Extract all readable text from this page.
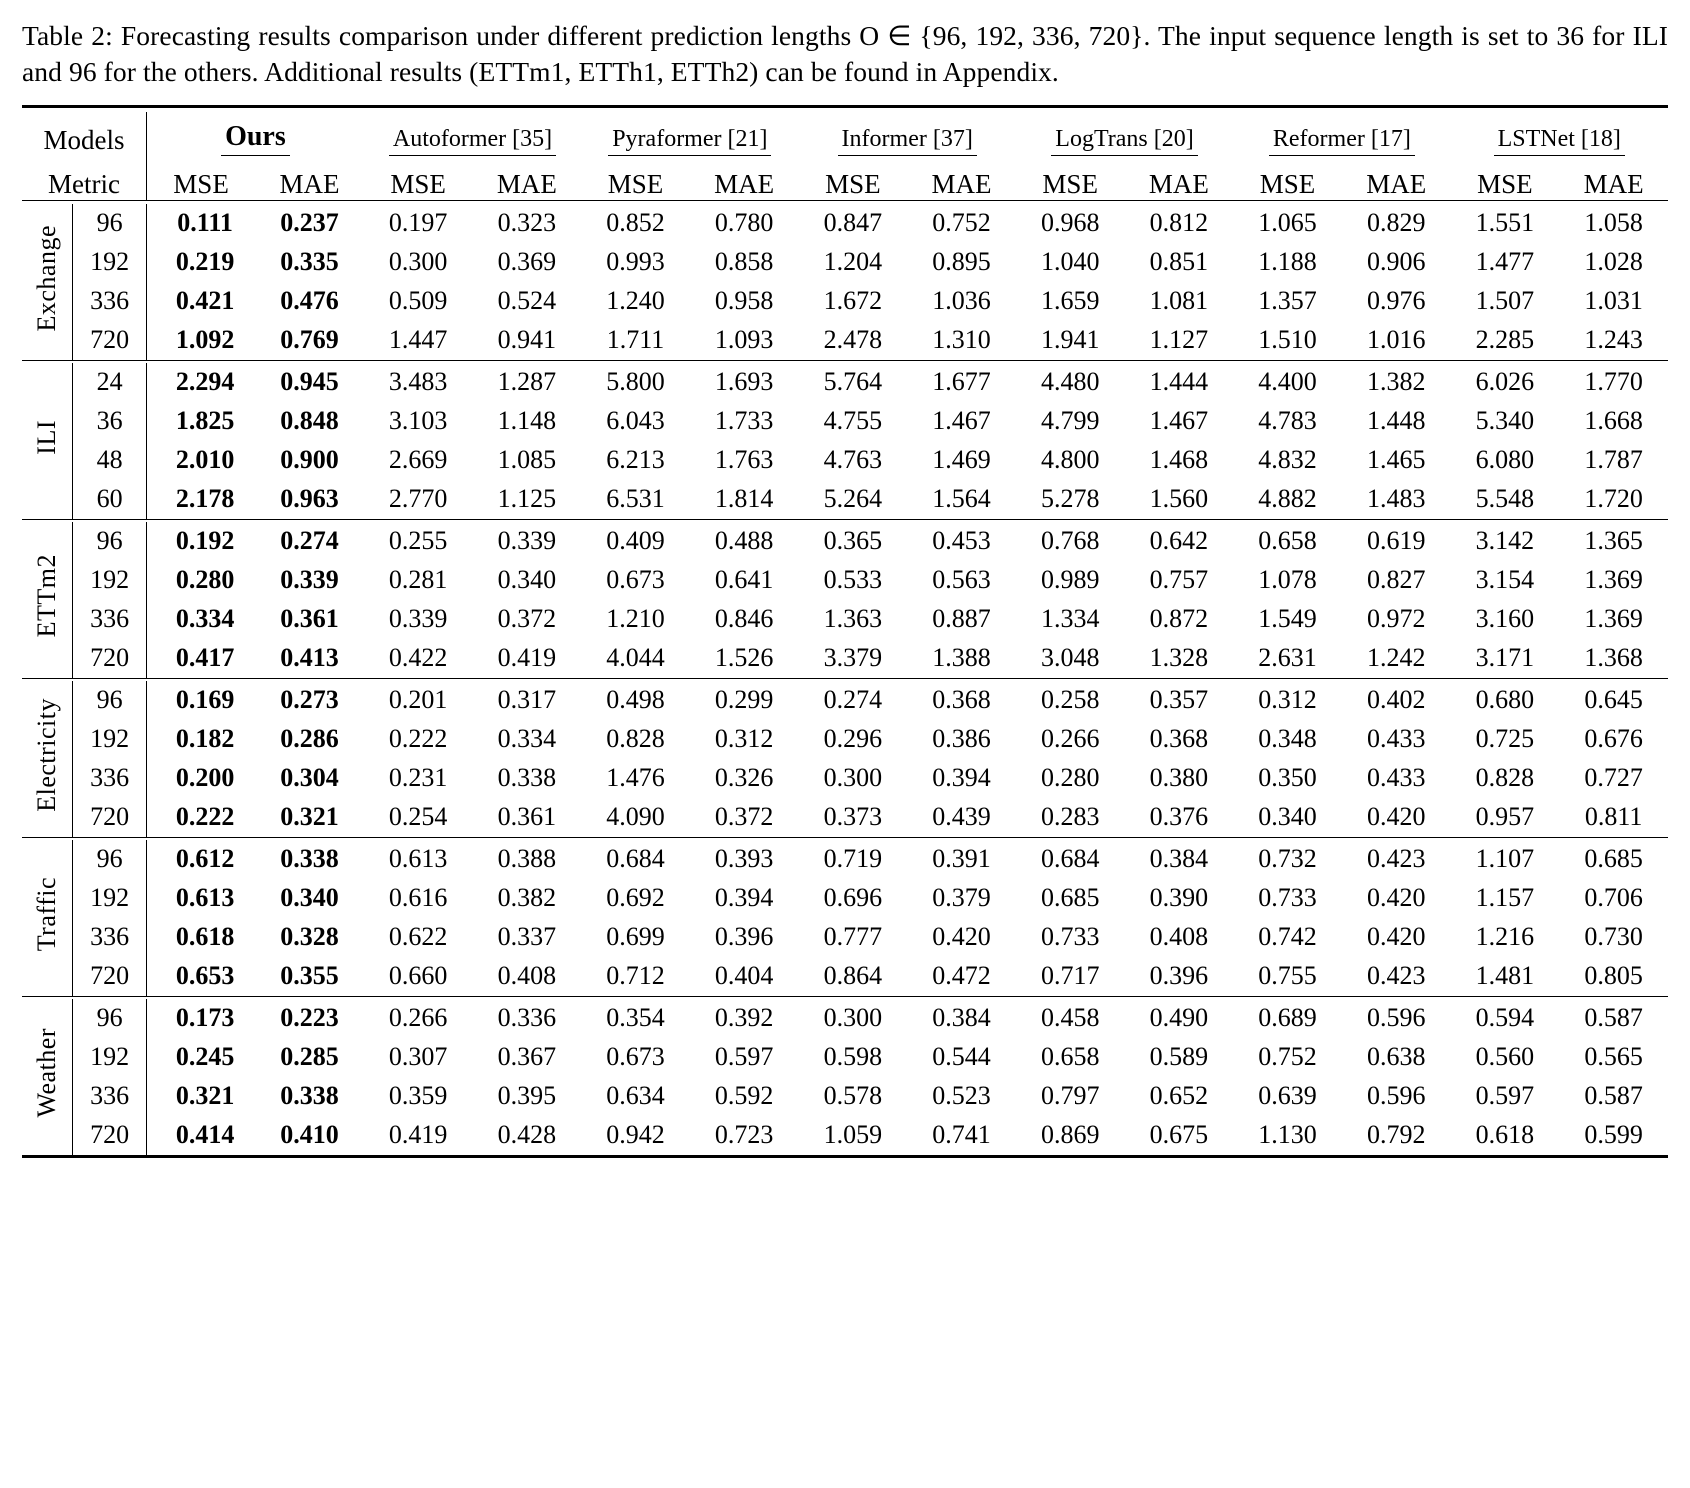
Table 2: Forecasting results comparison under different prediction lengths O ∈ {96, 192, 336, 720}. The input sequence length is set to 36 for ILI and 96 for the others. Additional results (ETTm1, ETTh1, ETTh2) can be found in Appendix.

Models		Ours		Autoformer [35]		Pyraformer [21]		Informer [37]		LogTrans [20]		Reformer [17]		LSTNet [18]	
Metric		MSE	MAE	MSE	MAE	MSE	MAE	MSE	MAE	MSE	MAE	MSE	MAE	MSE	MAE

Exchange	96	0.111	0.237	0.197	0.323	0.852	0.780	0.847	0.752	0.968	0.812	1.065	0.829	1.551	1.058
	192	0.219	0.335	0.300	0.369	0.993	0.858	1.204	0.895	1.040	0.851	1.188	0.906	1.477	1.028
	336	0.421	0.476	0.509	0.524	1.240	0.958	1.672	1.036	1.659	1.081	1.357	0.976	1.507	1.031
	720	1.092	0.769	1.447	0.941	1.711	1.093	2.478	1.310	1.941	1.127	1.510	1.016	2.285	1.243

ILI	24	2.294	0.945	3.483	1.287	5.800	1.693	5.764	1.677	4.480	1.444	4.400	1.382	6.026	1.770
	36	1.825	0.848	3.103	1.148	6.043	1.733	4.755	1.467	4.799	1.467	4.783	1.448	5.340	1.668
	48	2.010	0.900	2.669	1.085	6.213	1.763	4.763	1.469	4.800	1.468	4.832	1.465	6.080	1.787
	60	2.178	0.963	2.770	1.125	6.531	1.814	5.264	1.564	5.278	1.560	4.882	1.483	5.548	1.720

ETTm2	96	0.192	0.274	0.255	0.339	0.409	0.488	0.365	0.453	0.768	0.642	0.658	0.619	3.142	1.365
	192	0.280	0.339	0.281	0.340	0.673	0.641	0.533	0.563	0.989	0.757	1.078	0.827	3.154	1.369
	336	0.334	0.361	0.339	0.372	1.210	0.846	1.363	0.887	1.334	0.872	1.549	0.972	3.160	1.369
	720	0.417	0.413	0.422	0.419	4.044	1.526	3.379	1.388	3.048	1.328	2.631	1.242	3.171	1.368

Electricity	96	0.169	0.273	0.201	0.317	0.498	0.299	0.274	0.368	0.258	0.357	0.312	0.402	0.680	0.645
	192	0.182	0.286	0.222	0.334	0.828	0.312	0.296	0.386	0.266	0.368	0.348	0.433	0.725	0.676
	336	0.200	0.304	0.231	0.338	1.476	0.326	0.300	0.394	0.280	0.380	0.350	0.433	0.828	0.727
	720	0.222	0.321	0.254	0.361	4.090	0.372	0.373	0.439	0.283	0.376	0.340	0.420	0.957	0.811

Traffic	96	0.612	0.338	0.613	0.388	0.684	0.393	0.719	0.391	0.684	0.384	0.732	0.423	1.107	0.685
	192	0.613	0.340	0.616	0.382	0.692	0.394	0.696	0.379	0.685	0.390	0.733	0.420	1.157	0.706
	336	0.618	0.328	0.622	0.337	0.699	0.396	0.777	0.420	0.733	0.408	0.742	0.420	1.216	0.730
	720	0.653	0.355	0.660	0.408	0.712	0.404	0.864	0.472	0.717	0.396	0.755	0.423	1.481	0.805

Weather	96	0.173	0.223	0.266	0.336	0.354	0.392	0.300	0.384	0.458	0.490	0.689	0.596	0.594	0.587
	192	0.245	0.285	0.307	0.367	0.673	0.597	0.598	0.544	0.658	0.589	0.752	0.638	0.560	0.565
	336	0.321	0.338	0.359	0.395	0.634	0.592	0.578	0.523	0.797	0.652	0.639	0.596	0.597	0.587
	720	0.414	0.410	0.419	0.428	0.942	0.723	1.059	0.741	0.869	0.675	1.130	0.792	0.618	0.599
